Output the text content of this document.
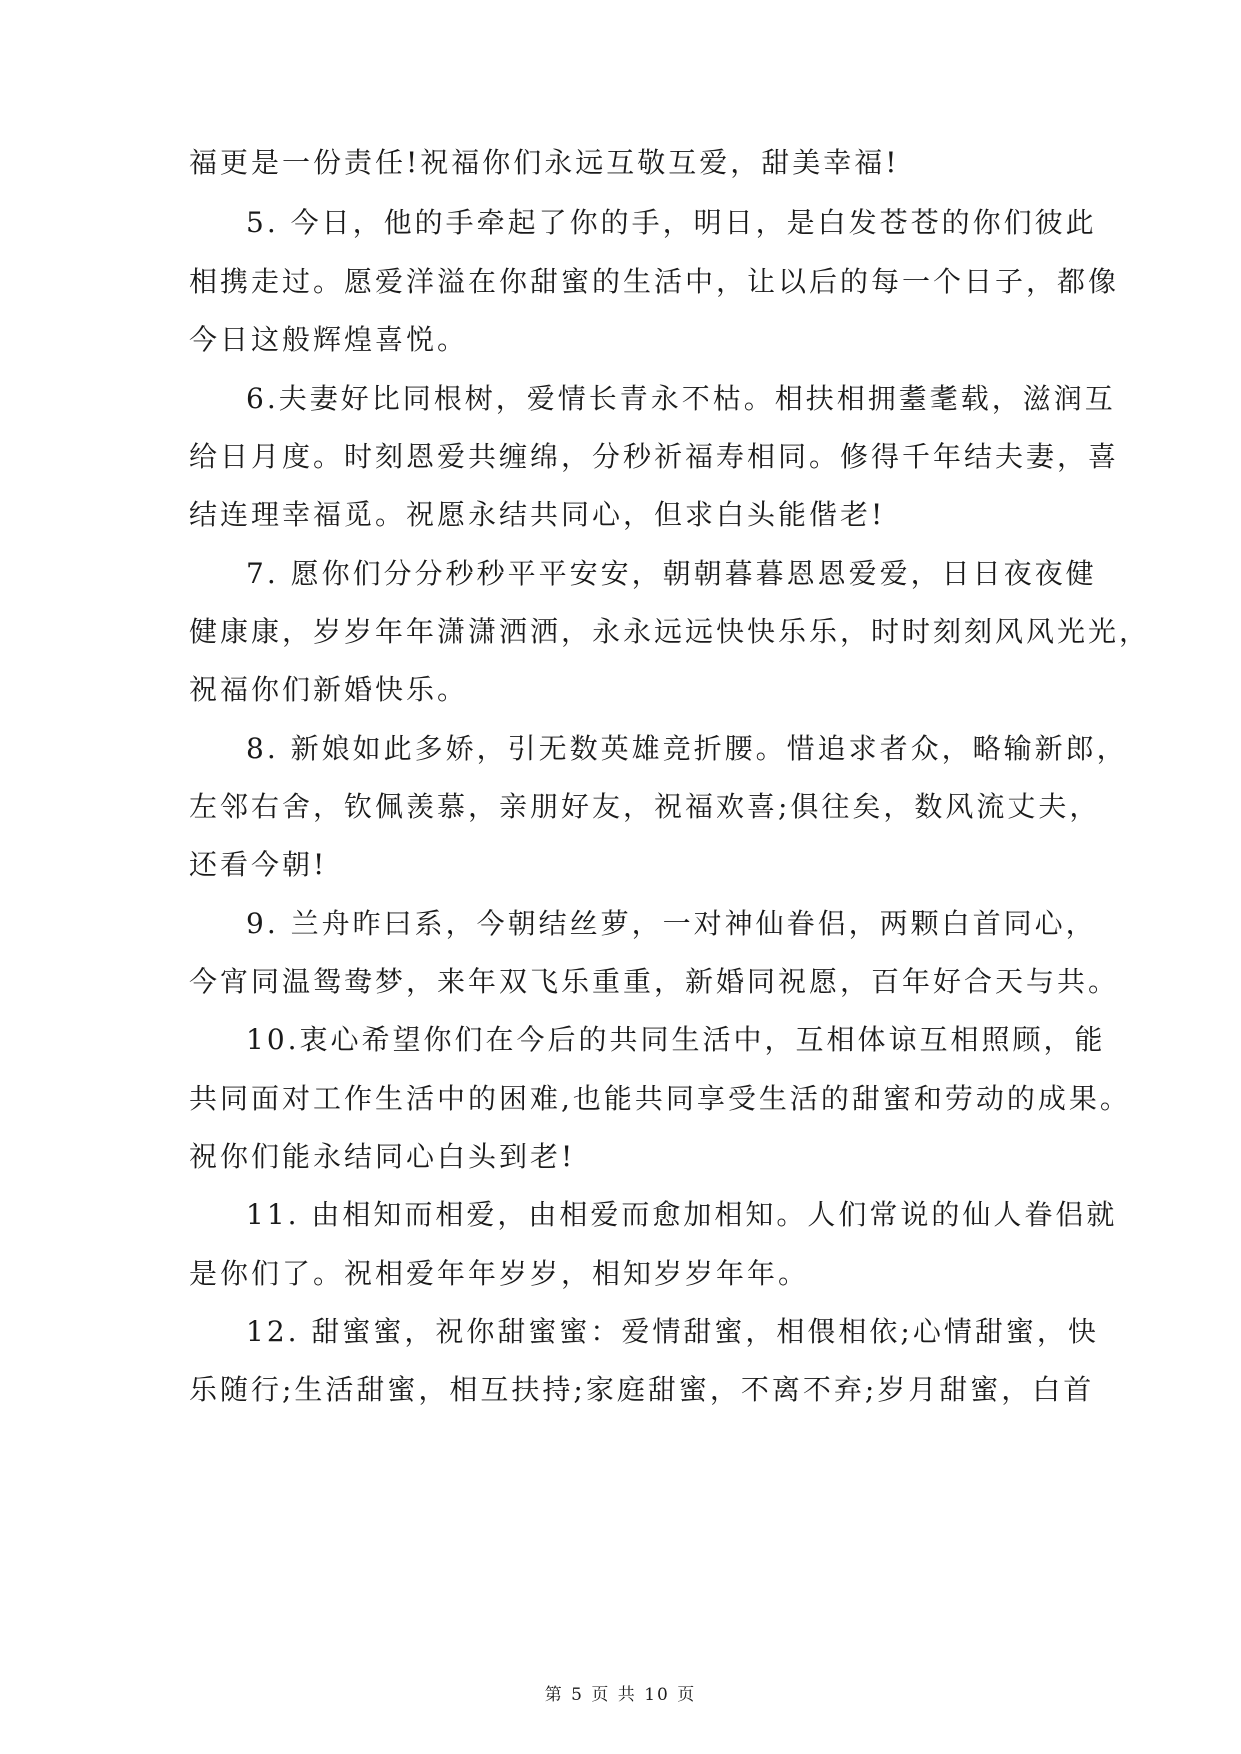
福更是一份责任!祝福你们永远互敬互爱，甜美幸福!
5. 今日，他的手牵起了你的手，明日，是白发苍苍的你们彼此
相携走过。愿爱洋溢在你甜蜜的生活中，让以后的每一个日子，都像
今日这般辉煌喜悦。
6.夫妻好比同根树，爱情长青永不枯。相扶相拥耋耄载，滋润互
给日月度。时刻恩爱共缠绵，分秒祈福寿相同。修得千年结夫妻，喜
结连理幸福觅。祝愿永结共同心，但求白头能偕老!
7. 愿你们分分秒秒平平安安，朝朝暮暮恩恩爱爱，日日夜夜健
健康康，岁岁年年潇潇洒洒，永永远远快快乐乐，时时刻刻风风光光，
祝福你们新婚快乐。
8. 新娘如此多娇，引无数英雄竞折腰。惜追求者众，略输新郎，
左邻右舍，钦佩羡慕，亲朋好友，祝福欢喜;俱往矣，数风流丈夫，
还看今朝!
9. 兰舟昨曰系，今朝结丝萝，一对神仙眷侣，两颗白首同心，
今宵同温鸳鸯梦，来年双飞乐重重，新婚同祝愿，百年好合天与共。
10.衷心希望你们在今后的共同生活中，互相体谅互相照顾，能
共同面对工作生活中的困难,也能共同享受生活的甜蜜和劳动的成果。
祝你们能永结同心白头到老!
11. 由相知而相爱，由相爱而愈加相知。人们常说的仙人眷侣就
是你们了。祝相爱年年岁岁，相知岁岁年年。
12. 甜蜜蜜，祝你甜蜜蜜：爱情甜蜜，相偎相依;心情甜蜜，快
乐随行;生活甜蜜，相互扶持;家庭甜蜜，不离不弃;岁月甜蜜，白首
第 5 页 共 10 页
